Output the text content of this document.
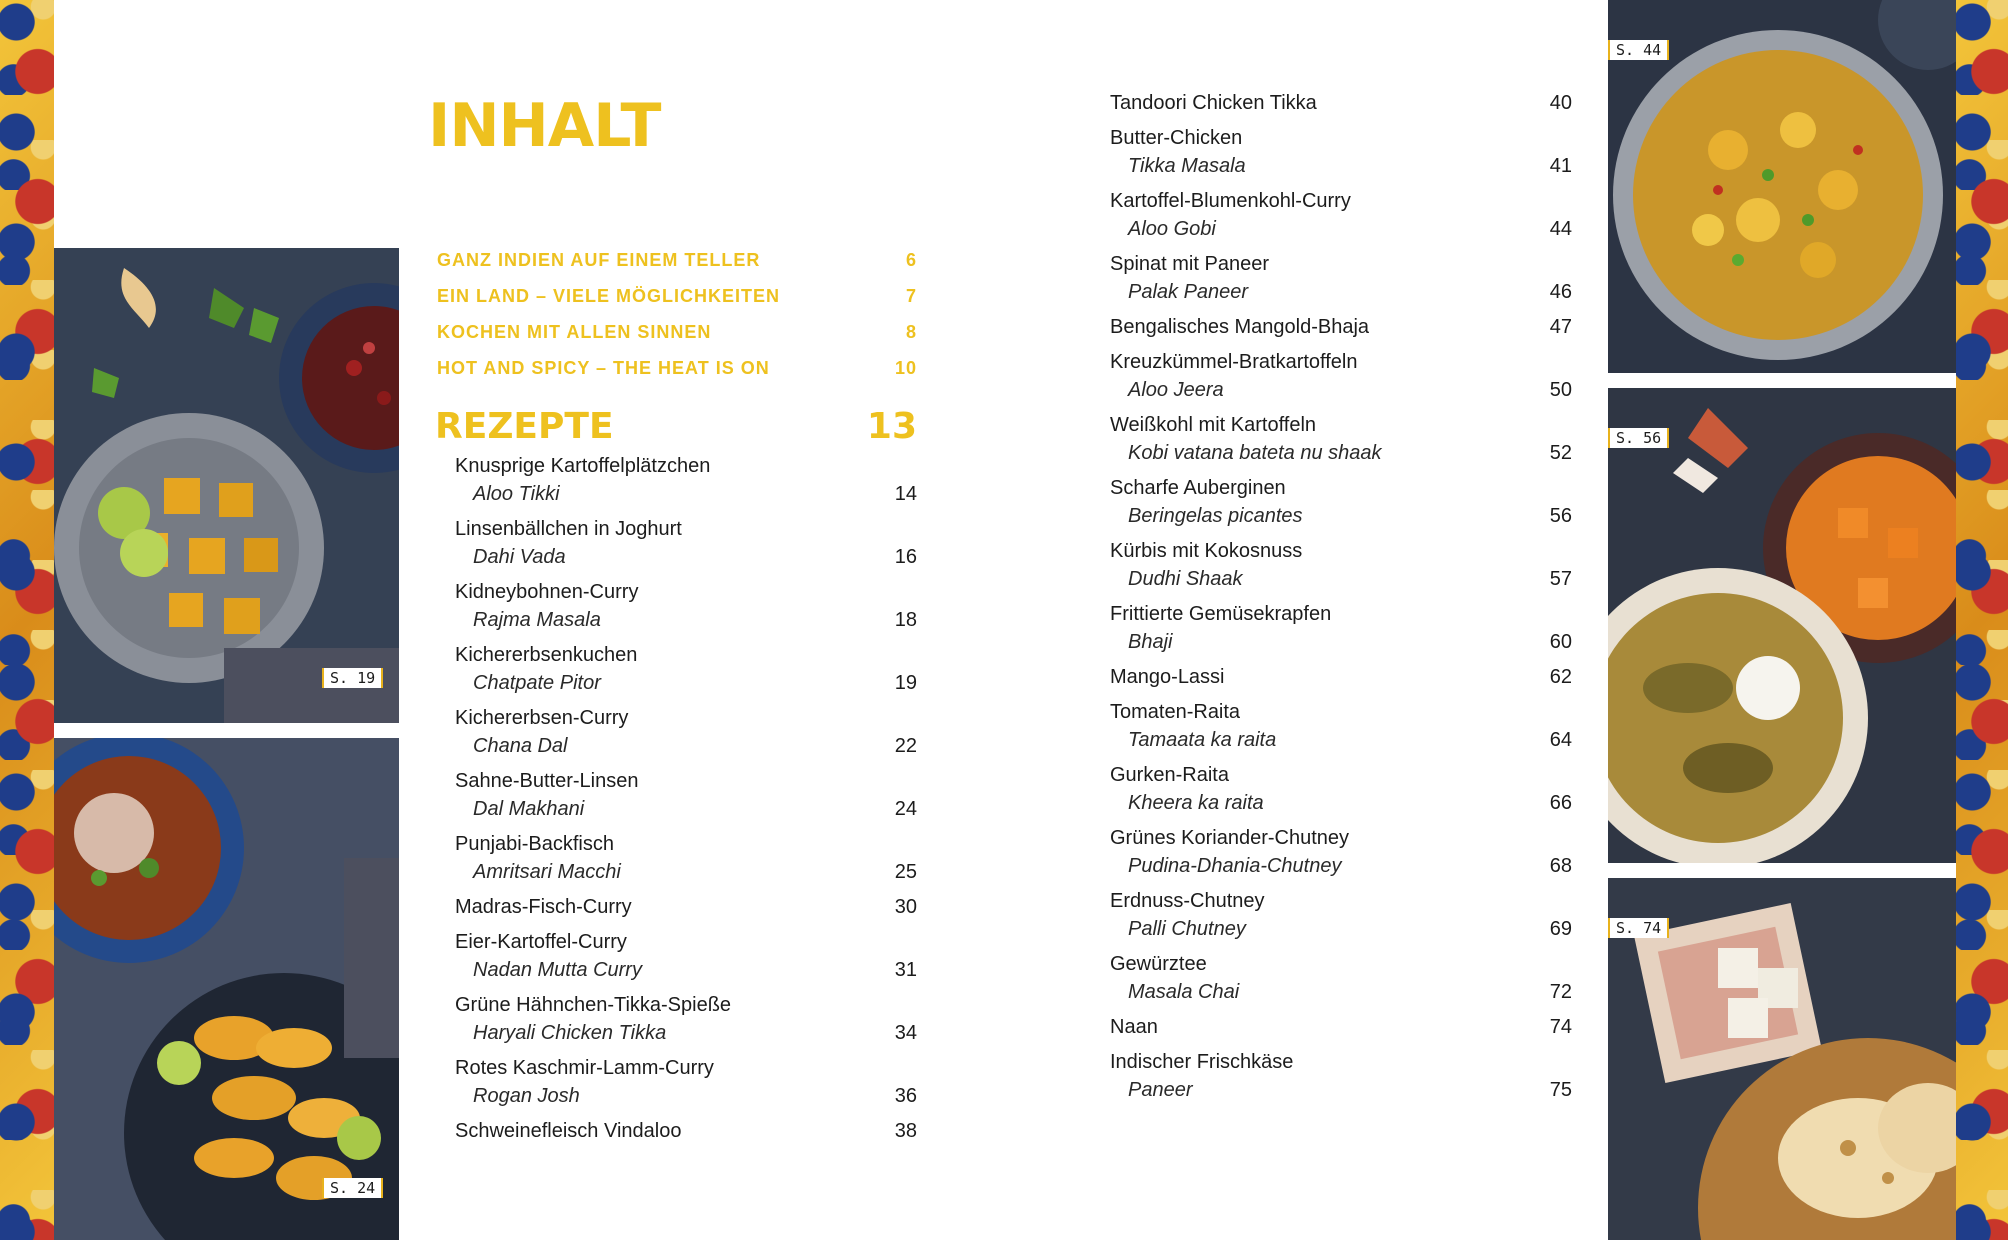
S. 19
S. 24
S. 44
S. 56
S. 74
INHALT
GANZ INDIEN AUF EINEM TELLER	6
EIN LAND – VIELE MÖGLICHKEITEN	7
KOCHEN MIT ALLEN SINNEN	8
HOT AND SPICY – THE HEAT IS ON	10
REZEPTE	13
Knusprige Kartoffelplätzchen
Aloo Tikki	14
Linsenbällchen in Joghurt
Dahi Vada	16
Kidneybohnen-Curry
Rajma Masala	18
Kichererbsenkuchen
Chatpate Pitor	19
Kichererbsen-Curry
Chana Dal	22
Sahne-Butter-Linsen
Dal Makhani	24
Punjabi-Backfisch
Amritsari Macchi	25
Madras-Fisch-Curry	30
Eier-Kartoffel-Curry
Nadan Mutta Curry	31
Grüne Hähnchen-Tikka-Spieße
Haryali Chicken Tikka	34
Rotes Kaschmir-Lamm-Curry
Rogan Josh	36
Schweinefleisch Vindaloo	38
Tandoori Chicken Tikka	40
Butter-Chicken
Tikka Masala	41
Kartoffel-Blumenkohl-Curry
Aloo Gobi	44
Spinat mit Paneer
Palak Paneer	46
Bengalisches Mangold-Bhaja	47
Kreuzkümmel-Bratkartoffeln
Aloo Jeera	50
Weißkohl mit Kartoffeln
Kobi vatana bateta nu shaak	52
Scharfe Auberginen
Beringelas picantes	56
Kürbis mit Kokosnuss
Dudhi Shaak	57
Frittierte Gemüsekrapfen
Bhaji	60
Mango-Lassi	62
Tomaten-Raita
Tamaata ka raita	64
Gurken-Raita
Kheera ka raita	66
Grünes Koriander-Chutney
Pudina-Dhania-Chutney	68
Erdnuss-Chutney
Palli Chutney	69
Gewürztee
Masala Chai	72
Naan	74
Indischer Frischkäse
Paneer	75
